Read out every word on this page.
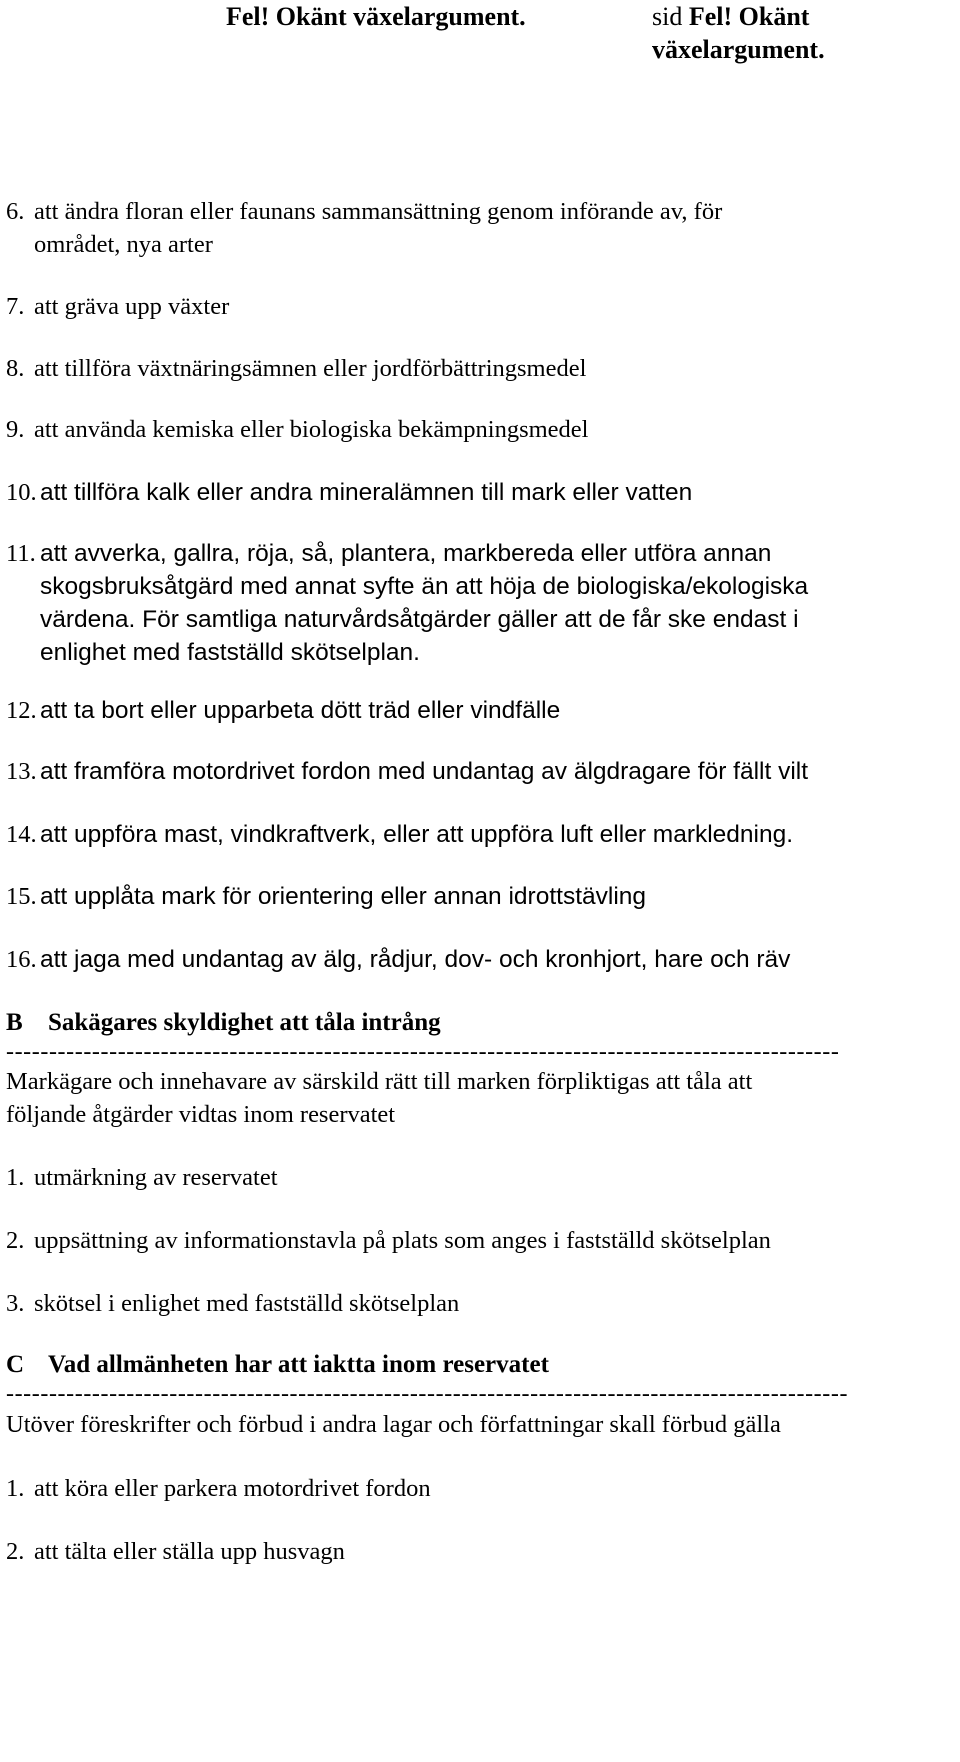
Fel! Okänt växelargument.	sid Fel! Okänt växelargument.
6. att ändra floran eller faunans sammansättning genom införande av, för
området, nya arter
7. att gräva upp växter
8. att tillföra växtnäringsämnen eller jordförbättringsmedel
9. att använda kemiska eller biologiska bekämpningsmedel
10. att tillföra kalk eller andra mineralämnen till mark eller vatten
11. att avverka, gallra, röja, så, plantera, markbereda eller utföra annan
skogsbruksåtgärd med annat syfte än att höja de biologiska/ekologiska
värdena. För samtliga naturvårdsåtgärder gäller att de får ske endast i
enlighet med fastställd skötselplan.
12. att ta bort eller upparbeta dött träd eller vindfälle
13. att framföra motordrivet fordon med undantag av älgdragare för fällt vilt
14. att uppföra mast, vindkraftverk, eller att uppföra luft eller markledning.
15. att upplåta mark för orientering eller annan idrottstävling
16. att jaga med undantag av älg, rådjur, dov- och kronhjort, hare och räv
B Sakägares skyldighet att tåla intrång
-------------------------------------------------------------------------------------------------
Markägare och innehavare av särskild rätt till marken förpliktigas att tåla att
följande åtgärder vidtas inom reservatet
1. utmärkning av reservatet
2. uppsättning av informationstavla på plats som anges i fastställd skötselplan
3. skötsel i enlighet med fastställd skötselplan
C Vad allmänheten har att iaktta inom reservatet
--------------------------------------------------------------------------------------------------
Utöver föreskrifter och förbud i andra lagar och författningar skall förbud gälla
1. att köra eller parkera motordrivet fordon
2. att tälta eller ställa upp husvagn
